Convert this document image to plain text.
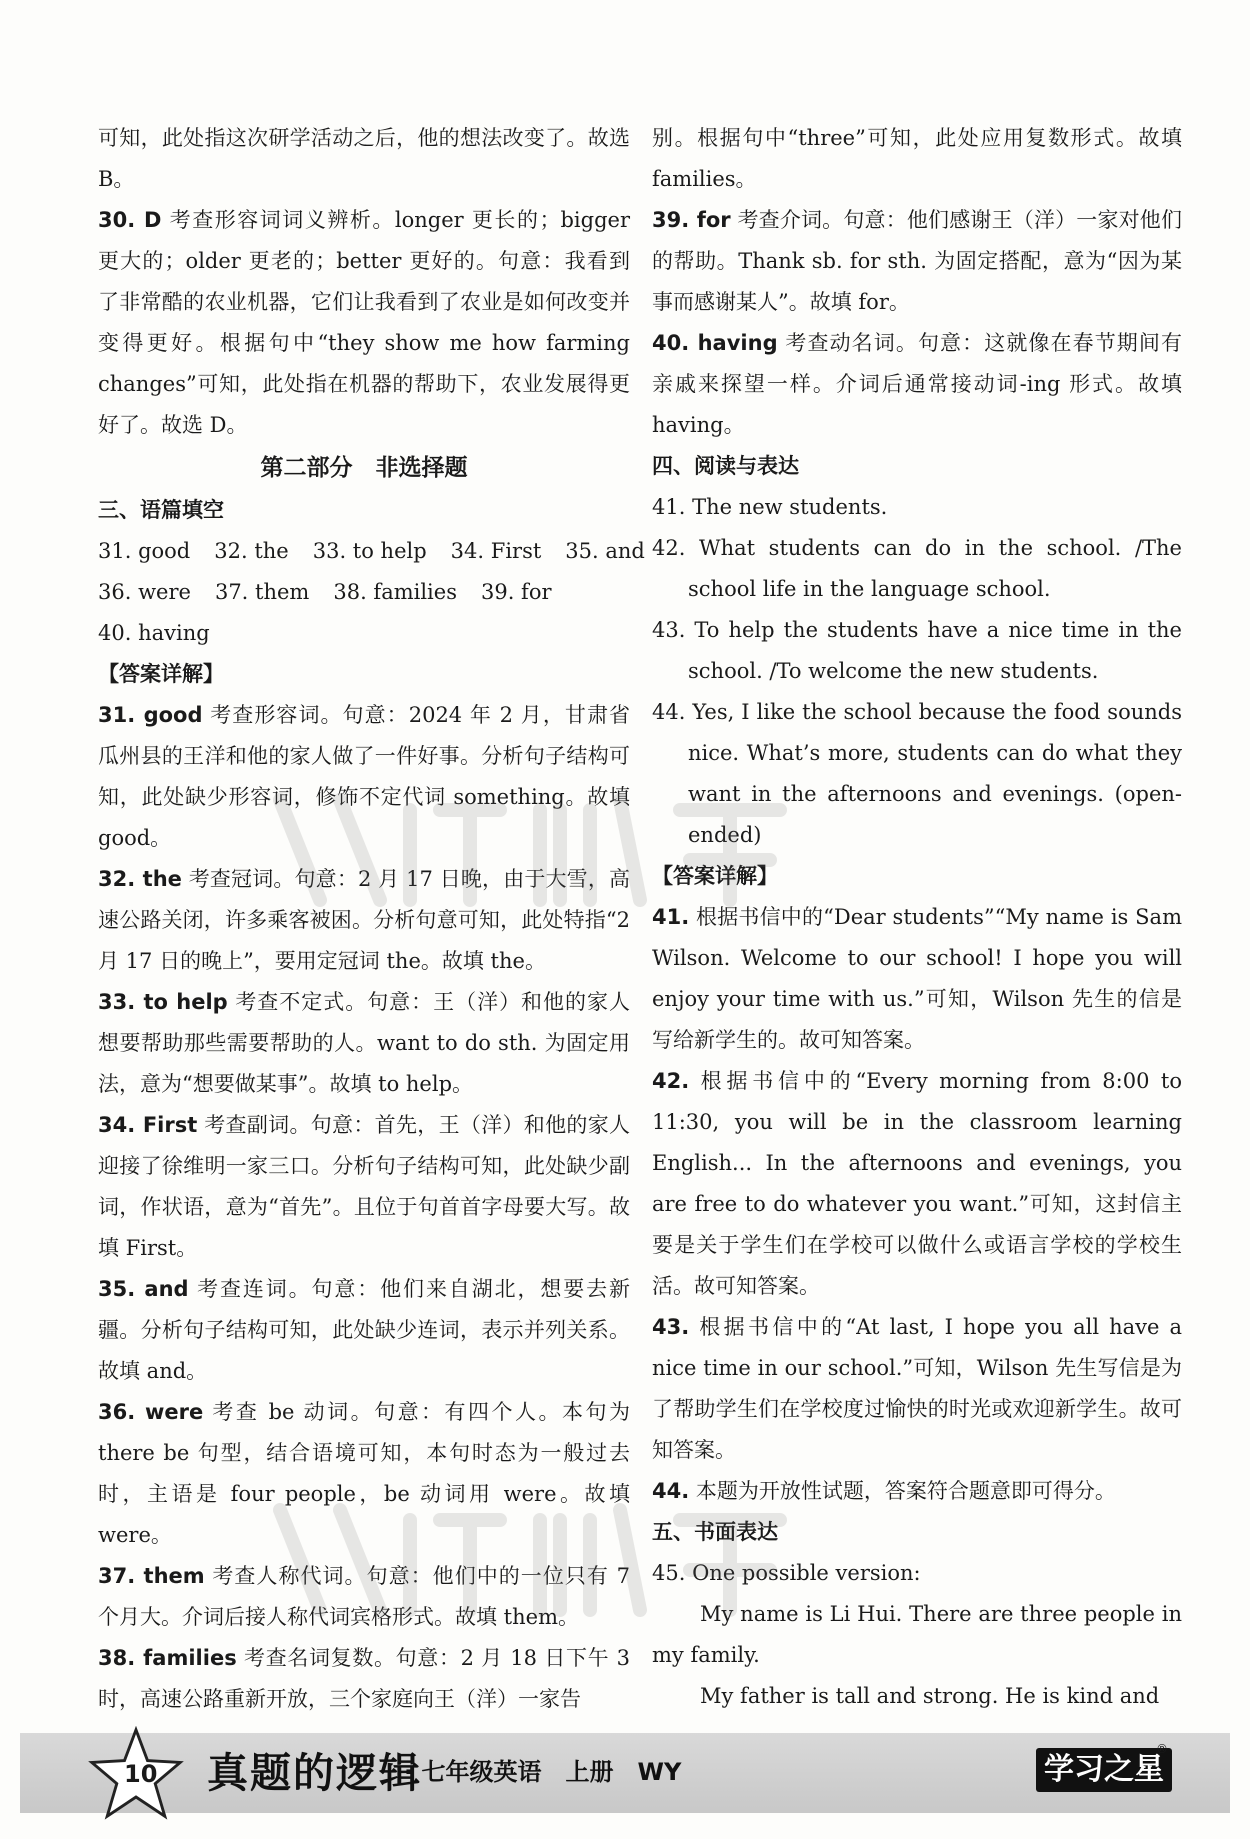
可知，此处指这次研学活动之后，他的想法改变了。故选 B。

30. D 考查形容词词义辨析。longer 更长的；bigger 更大的；older 更老的；better 更好的。句意：我看到了非常酷的农业机器，它们让我看到了农业是如何改变并变得更好。根据句中“they show me how farming changes”可知，此处指在机器的帮助下，农业发展得更好了。故选 D。

第二部分　非选择题

三、语篇填空

31. good 32. the 33. to help 34. First 35. and

36. were 37. them 38. families 39. for

40. having

【答案详解】

31. good 考查形容词。句意：2024 年 2 月，甘肃省瓜州县的王洋和他的家人做了一件好事。分析句子结构可知，此处缺少形容词，修饰不定代词 something。故填 good。

32. the 考查冠词。句意：2 月 17 日晚，由于大雪，高速公路关闭，许多乘客被困。分析句意可知，此处特指“2 月 17 日的晚上”，要用定冠词 the。故填 the。

33. to help 考查不定式。句意：王（洋）和他的家人想要帮助那些需要帮助的人。want to do sth. 为固定用法，意为“想要做某事”。故填 to help。

34. First 考查副词。句意：首先，王（洋）和他的家人迎接了徐维明一家三口。分析句子结构可知，此处缺少副词，作状语，意为“首先”。且位于句首首字母要大写。故填 First。

35. and 考查连词。句意：他们来自湖北，想要去新疆。分析句子结构可知，此处缺少连词，表示并列关系。故填 and。

36. were 考查 be 动词。句意：有四个人。本句为 there be 句型，结合语境可知，本句时态为一般过去时，主语是 four people，be 动词用 were。故填 were。

37. them 考查人称代词。句意：他们中的一位只有 7 个月大。介词后接人称代词宾格形式。故填 them。

38. families 考查名词复数。句意：2 月 18 日下午 3 时，高速公路重新开放，三个家庭向王（洋）一家告

别。根据句中“three”可知，此处应用复数形式。故填 families。

39. for 考查介词。句意：他们感谢王（洋）一家对他们的帮助。Thank sb. for sth. 为固定搭配，意为“因为某事而感谢某人”。故填 for。

40. having 考查动名词。句意：这就像在春节期间有亲戚来探望一样。介词后通常接动词-ing 形式。故填 having。

四、阅读与表达

41. The new students.

42. What students can do in the school. /The school life in the language school.

43. To help the students have a nice time in the school. /To welcome the new students.

44. Yes, I like the school because the food sounds nice. What’s more, students can do what they want in the afternoons and evenings. (open-ended)

【答案详解】

41. 根据书信中的“Dear students”“My name is Sam Wilson. Welcome to our school! I hope you will enjoy your time with us.”可知，Wilson 先生的信是写给新学生的。故可知答案。

42. 根据书信中的“Every morning from 8:00 to 11:30, you will be in the classroom learning English... In the afternoons and evenings, you are free to do whatever you want.”可知，这封信主要是关于学生们在学校可以做什么或语言学校的学校生活。故可知答案。

43. 根据书信中的“At last, I hope you all have a nice time in our school.”可知，Wilson 先生写信是为了帮助学生们在学校度过愉快的时光或欢迎新学生。故可知答案。

44. 本题为开放性试题，答案符合题意即可得分。

五、书面表达

45. One possible version:

My name is Li Hui. There are three people in my family.

My father is tall and strong. He is kind and

10 真题的逻辑
· 七年级英语　上册　WY	学习之星
®
